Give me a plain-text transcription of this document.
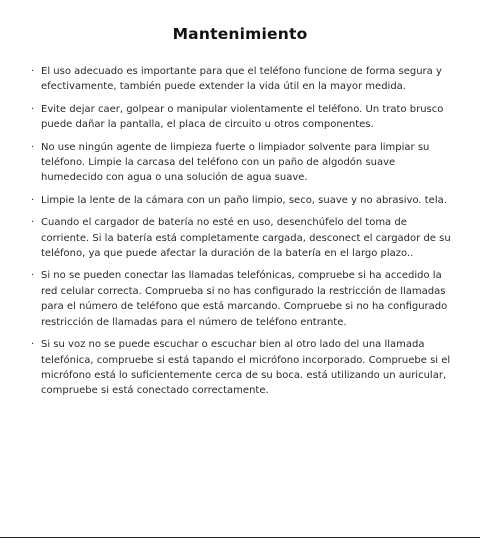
Mantenimiento
· El uso adecuado es importante para que el teléfono funcione de forma segura y efectivamente, también puede extender la vida útil en la mayor medida.
· Evite dejar caer, golpear o manipular violentamente el teléfono. Un trato brusco puede dañar la pantalla, el placa de circuito u otros componentes.
· No use ningún agente de limpieza fuerte o limpiador solvente para limpiar su teléfono. Limpie la carcasa del teléfono con un paño de algodón suave humedecido con agua o una solución de agua suave.
· Limpie la lente de la cámara con un paño limpio, seco, suave y no abrasivo. tela.
· Cuando el cargador de batería no esté en uso, desenchúfelo del toma de corriente. Si la batería está completamente cargada, desconect el cargador de su teléfono, ya que puede afectar la duración de la batería en el largo plazo..
· Si no se pueden conectar las llamadas telefónicas, compruebe si ha accedido la red celular correcta. Comprueba si no has configurado la restricción de llamadas para el número de teléfono que está marcando. Compruebe si no ha configurado restricción de llamadas para el número de teléfono entrante.
· Si su voz no se puede escuchar o escuchar bien al otro lado del una llamada telefónica, compruebe si está tapando el micrófono incorporado. Compruebe si el micrófono está lo suficientemente cerca de su boca. está utilizando un auricular, compruebe si está conectado correctamente.
